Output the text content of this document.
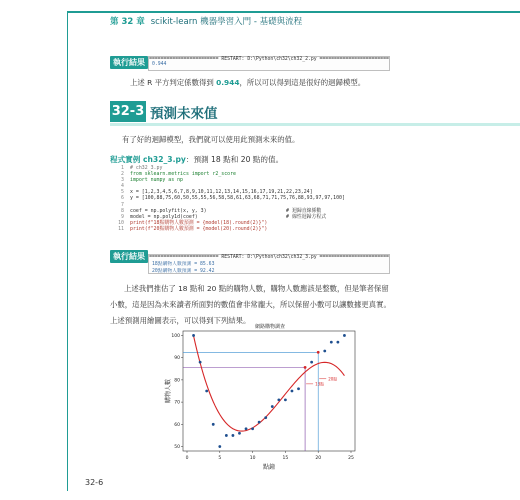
第 32 章 scikit-learn 機器學習入門 - 基礎與流程
執行結果 ======================== RESTART: D:\Python\ch32\ch32_2.py ========================
0.944
上述 R 平方判定係數得到 0.944，所以可以得到這是很好的迴歸模型。
32-3 預測未來值
有了好的迴歸模型，我們就可以使用此預測未來的值。
程式實例 ch32_3.py：預測 18 點和 20 點的值。
1 # ch32_3.py
2 from sklearn.metrics import r2_score
3 import numpy as np
4
5 x = [1,2,3,4,5,6,7,8,9,10,11,12,13,14,15,16,17,19,21,22,23,24]
6 y = [100,88,75,60,50,55,55,56,58,58,61,63,68,71,71,75,76,88,93,97,97,100]
7
8 coef = np.polyfit(x, y, 3)                           # 迴歸直線係數
9 model = np.poly1d(coef)                              # 線性迴歸方程式
10 print(f"18點購物人數預測 = {model(18).round(2)}")
11 print(f"20點購物人數預測 = {model(20).round(2)}")
執行結果 ======================== RESTART: D:\Python\ch32\ch32_3.py ========================
18點購物人數預測 = 85.63
20點購物人數預測 = 92.42
上述我們推估了 18 點和 20 點的購物人數，購物人數應該是整數，但是筆者保留
小數，這是因為未來讀者所面對的數值會非常龐大，所以保留小數可以讓數據更真實。
上述預測用繪圖表示，可以得到下列結果。
網路購物調查
0	5	10	15	20	25
50
60
70
80
90
100
18點
20點
點鐘
購物人數
32-6
